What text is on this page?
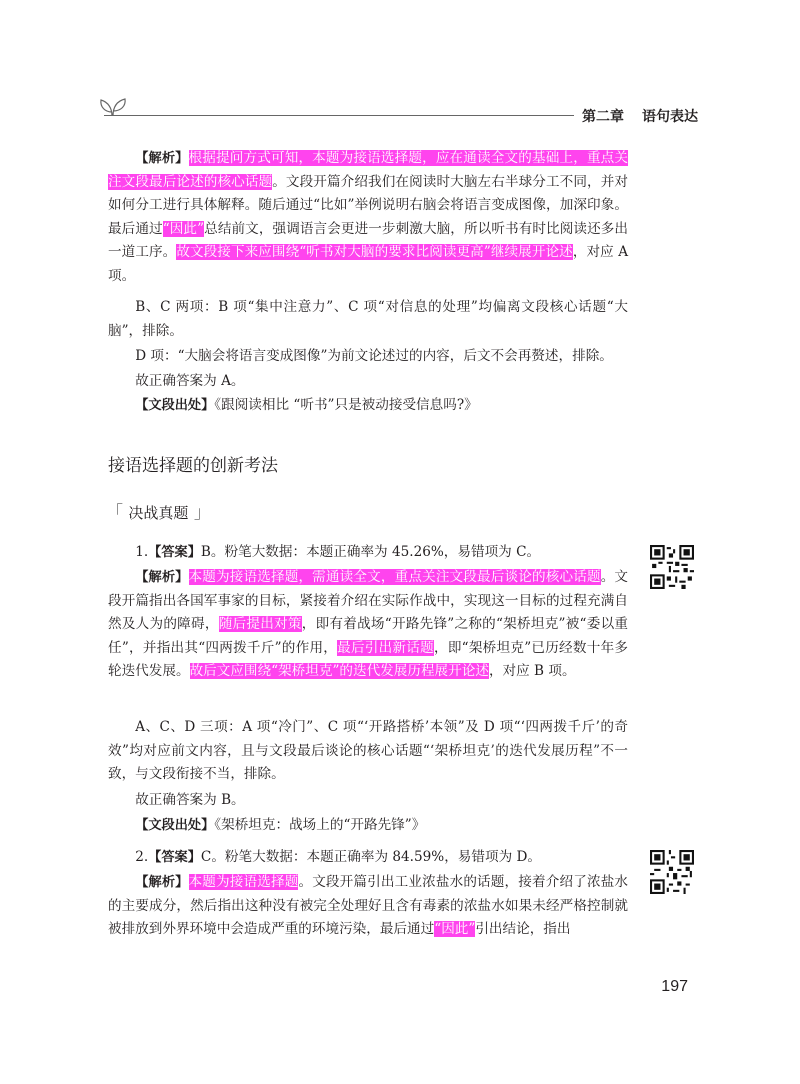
第二章 语句表达
【解析】根据提问方式可知，本题为接语选择题，应在通读全文的基础上，重点关注文段最后论述的核心话题。文段开篇介绍我们在阅读时大脑左右半球分工不同，并对如何分工进行具体解释。随后通过“比如”举例说明右脑会将语言变成图像，加深印象。最后通过“因此”总结前文，强调语言会更进一步刺激大脑，所以听书有时比阅读还多出一道工序。故文段接下来应围绕“听书对大脑的要求比阅读更高”继续展开论述，对应 A 项。
B、C 两项：B 项“集中注意力”、C 项“对信息的处理”均偏离文段核心话题“大脑”，排除。
D 项：“大脑会将语言变成图像”为前文论述过的内容，后文不会再赘述，排除。
故正确答案为 A。
【文段出处】《跟阅读相比 “听书”只是被动接受信息吗?》
接语选择题的创新考法
「 决战真题 」
1.【答案】B。粉笔大数据：本题正确率为 45.26%，易错项为 C。
【解析】本题为接语选择题，需通读全文，重点关注文段最后谈论的核心话题。文段开篇指出各国军事家的目标，紧接着介绍在实际作战中，实现这一目标的过程充满自然及人为的障碍，随后提出对策，即有着战场“开路先锋”之称的“架桥坦克”被“委以重任”，并指出其“四两拨千斤”的作用，最后引出新话题，即“架桥坦克”已历经数十年多轮迭代发展。故后文应围绕“架桥坦克”的迭代发展历程展开论述，对应 B 项。
A、C、D 三项：A 项“冷门”、C 项“‘开路搭桥’本领”及 D 项“‘四两拨千斤’的奇效”均对应前文内容，且与文段最后谈论的核心话题“‘架桥坦克’的迭代发展历程”不一致，与文段衔接不当，排除。
故正确答案为 B。
【文段出处】《架桥坦克：战场上的“开路先锋”》
2.【答案】C。粉笔大数据：本题正确率为 84.59%，易错项为 D。
【解析】本题为接语选择题。文段开篇引出工业浓盐水的话题，接着介绍了浓盐水的主要成分，然后指出这种没有被完全处理好且含有毒素的浓盐水如果未经严格控制就被排放到外界环境中会造成严重的环境污染，最后通过“因此”引出结论，指出
197
